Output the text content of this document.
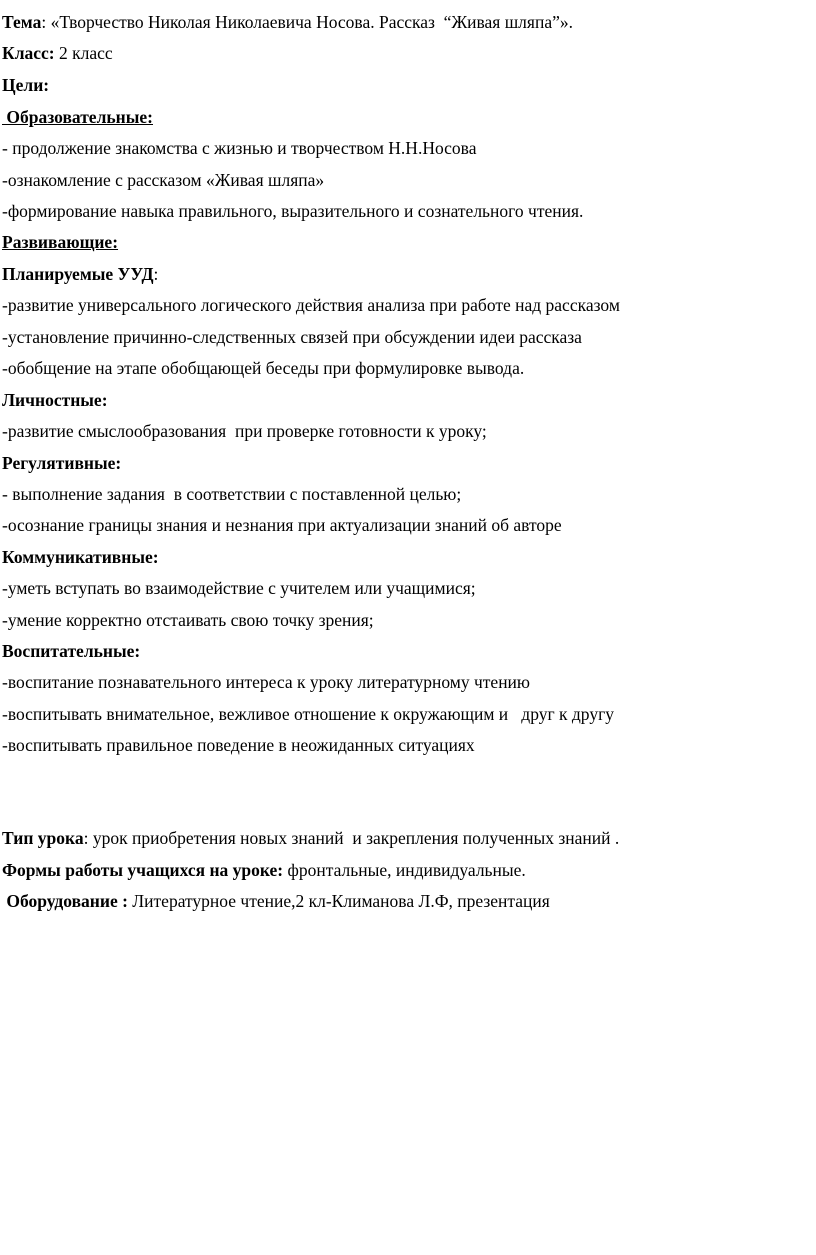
Тема: «Творчество Николая Николаевича Носова. Рассказ  “Живая шляпа”».
Класс: 2 класс
Цели:
Образовательные:
- продолжение знакомства с жизнью и творчеством Н.Н.Носова
-ознакомление с рассказом «Живая шляпа»
-формирование навыка правильного, выразительного и сознательного чтения.
Развивающие:
Планируемые УУД:
-развитие универсального логического действия анализа при работе над рассказом
-установление причинно-следственных связей при обсуждении идеи рассказа
-обобщение на этапе обобщающей беседы при формулировке вывода.
Личностные:
-развитие смыслообразования  при проверке готовности к уроку;
Регулятивные:
- выполнение задания  в соответствии с поставленной целью;
-осознание границы знания и незнания при актуализации знаний об авторе
Коммуникативные:
-уметь вступать во взаимодействие с учителем или учащимися;
-умение корректно отстаивать свою точку зрения;
Воспитательные:
-воспитание познавательного интереса к уроку литературному чтению
-воспитывать внимательное, вежливое отношение к окружающим и   друг к другу
-воспитывать правильное поведение в неожиданных ситуациях
Тип урока: урок приобретения новых знаний  и закрепления полученных знаний .
Формы работы учащихся на уроке: фронтальные, индивидуальные.
Оборудование : Литературное чтение,2 кл-Климанова Л.Ф, презентация
